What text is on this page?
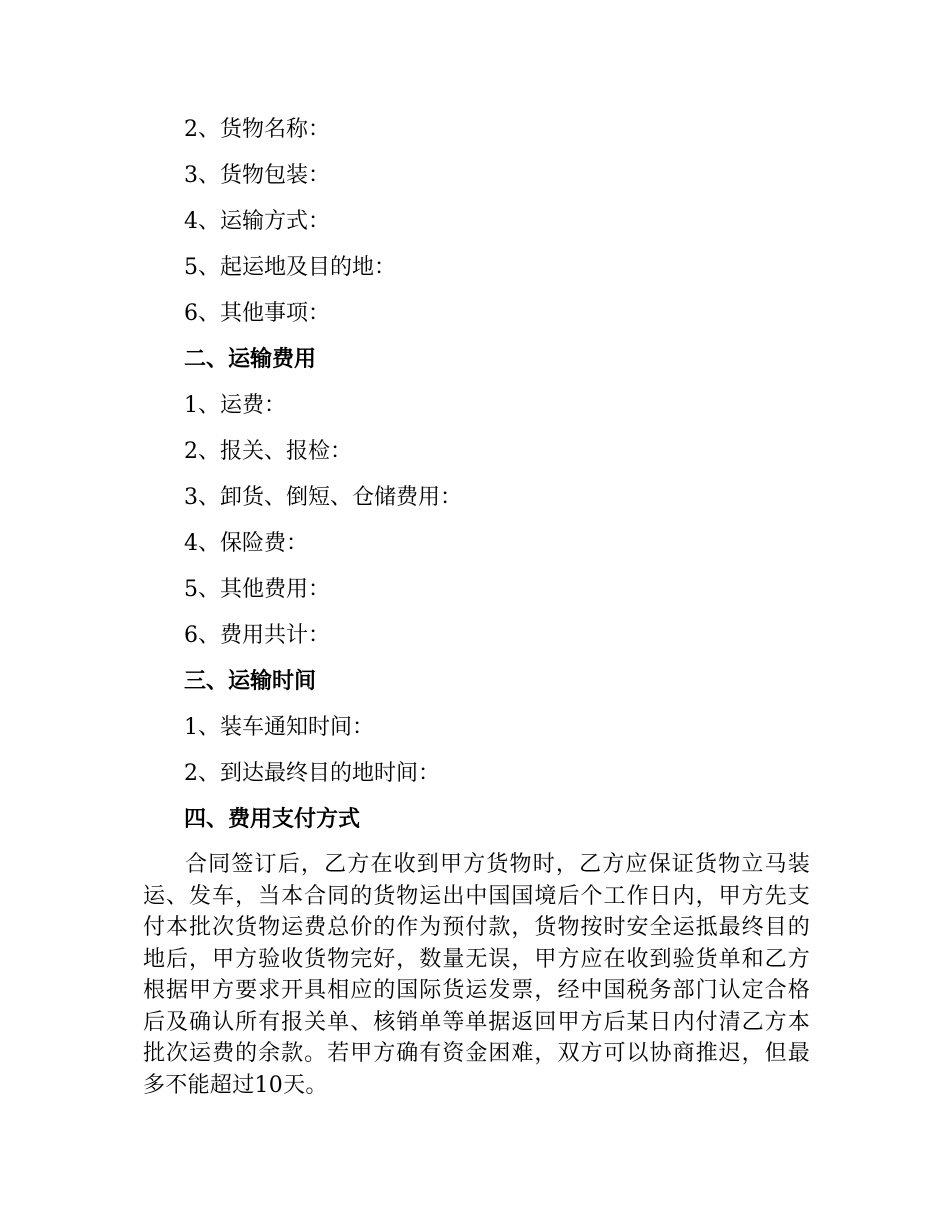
2、货物名称：
3、货物包装：
4、运输方式：
5、起运地及目的地：
6、其他事项：
二、运输费用
1、运费：
2、报关、报检：
3、卸货、倒短、仓储费用：
4、保险费：
5、其他费用：
6、费用共计：
三、运输时间
1、装车通知时间：
2、到达最终目的地时间：
四、费用支付方式
合同签订后，乙方在收到甲方货物时，乙方应保证货物立马装运、发车，当本合同的货物运出中国国境后个工作日内，甲方先支付本批次货物运费总价的作为预付款，货物按时安全运抵最终目的地后，甲方验收货物完好，数量无误，甲方应在收到验货单和乙方根据甲方要求开具相应的国际货运发票，经中国税务部门认定合格后及确认所有报关单、核销单等单据返回甲方后某日内付清乙方本批次运费的余款。若甲方确有资金困难，双方可以协商推迟，但最多不能超过10天。
